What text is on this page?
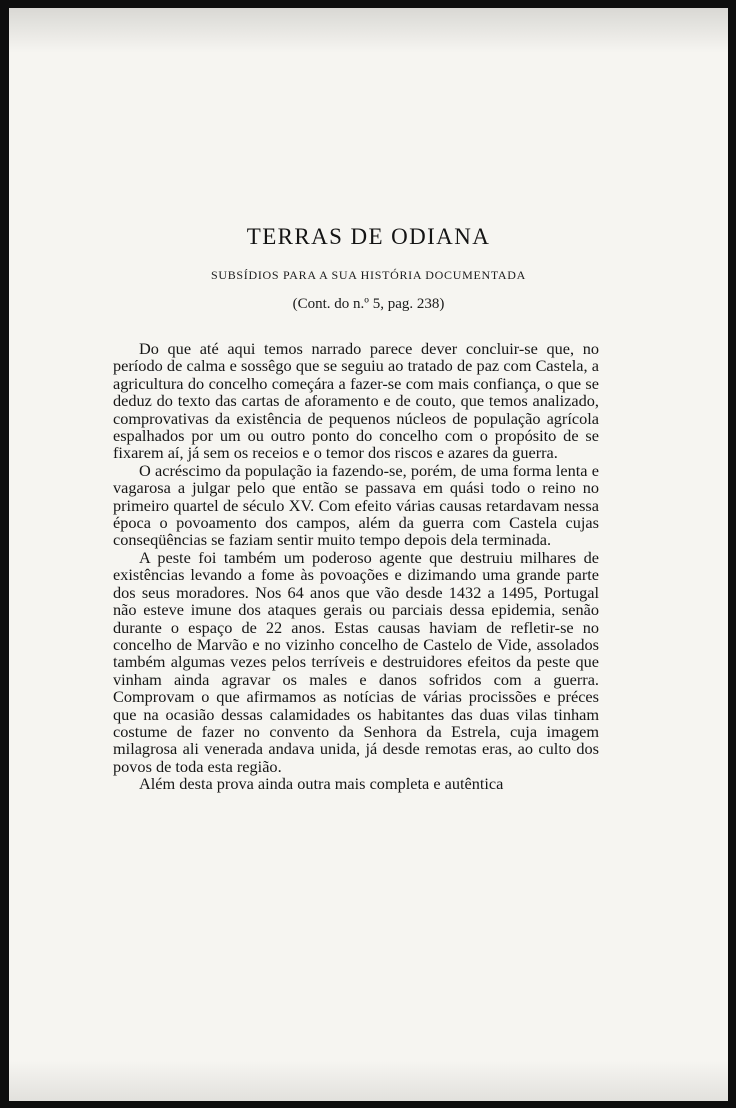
TERRAS DE ODIANA
SUBSÍDIOS PARA A SUA HISTÓRIA DOCUMENTADA
(Cont. do n.º 5, pag. 238)

Do que até aqui temos narrado parece dever concluir-se que, no período de calma e sossêgo que se seguiu ao tratado de paz com Castela, a agricultura do concelho começára a fazer-se com mais confiança, o que se deduz do texto das cartas de aforamento e de couto, que temos analizado, comprovativas da existência de pequenos núcleos de população agrícola espalhados por um ou outro ponto do concelho com o propósito de se fixarem aí, já sem os receios e o temor dos riscos e azares da guerra.

O acréscimo da população ia fazendo-se, porém, de uma forma lenta e vagarosa a julgar pelo que então se passava em quási todo o reino no primeiro quartel de século XV. Com efeito várias causas retardavam nessa época o povoamento dos campos, além da guerra com Castela cujas conseqüências se faziam sentir muito tempo depois dela terminada.

A peste foi também um poderoso agente que destruiu milhares de existências levando a fome às povoações e dizimando uma grande parte dos seus moradores. Nos 64 anos que vão desde 1432 a 1495, Portugal não esteve imune dos ataques gerais ou parciais dessa epidemia, senão durante o espaço de 22 anos. Estas causas haviam de refletir-se no concelho de Marvão e no vizinho concelho de Castelo de Vide, assolados também algumas vezes pelos terríveis e destruidores efeitos da peste que vinham ainda agravar os males e danos sofridos com a guerra. Comprovam o que afirmamos as notícias de várias procissões e préces que na ocasião dessas calamidades os habitantes das duas vilas tinham costume de fazer no convento da Senhora da Estrela, cuja imagem milagrosa ali venerada andava unida, já desde remotas eras, ao culto dos povos de toda esta região.

Além desta prova ainda outra mais completa e autêntica
